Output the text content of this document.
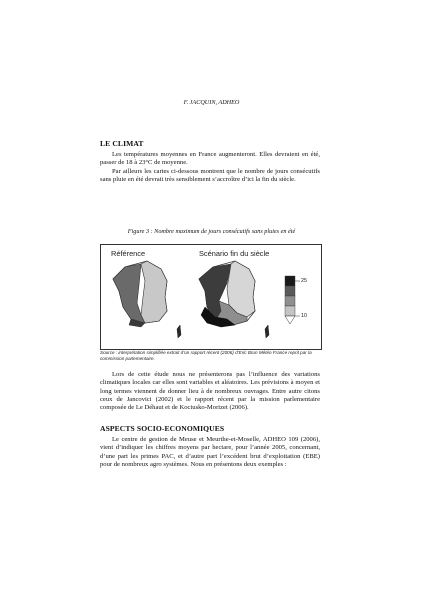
F. JACQUIN, ADHEO
LE CLIMAT

Les températures moyennes en France augmenteront. Elles devraient en été, passer de 18 à 23°C de moyenne.

Par ailleurs les cartes ci-dessous montrent que le nombre de jours consécutifs sans pluie en été devrait très sensiblement s’accroître d’ici la fin du siècle.

Figure 3 : Nombre maximum de jours consécutifs sans pluies en été
Référence	Scénario fin du siècle
25
10
Source : interprétation simplifiée extrait d’un rapport récent (2006) d’Eric Brun Météo France reprit par la commission parlementaire.

Lors de cette étude nous ne présenterons pas l’influence des variations climatiques locales car elles sont variables et aléatoires. Les prévisions à moyen et long termes viennent de donner lieu à de nombreux ouvrages. Entre autre citons ceux de Jancovici (2002) et le rapport récent par la mission parlementaire composée de Le Déhaut et de Kociusko-Morizet (2006).

ASPECTS SOCIO-ECONOMIQUES

Le centre de gestion de Meuse et Meurthe-et-Moselle, ADHEO 109 (2006), vient d’indiquer les chiffres moyens par hectare, pour l’année 2005, concernant, d’une part les primes PAC, et d’autre part l’excédent brut d’exploitation (EBE) pour de nombreux agro systèmes. Nous en présentons deux exemples :
